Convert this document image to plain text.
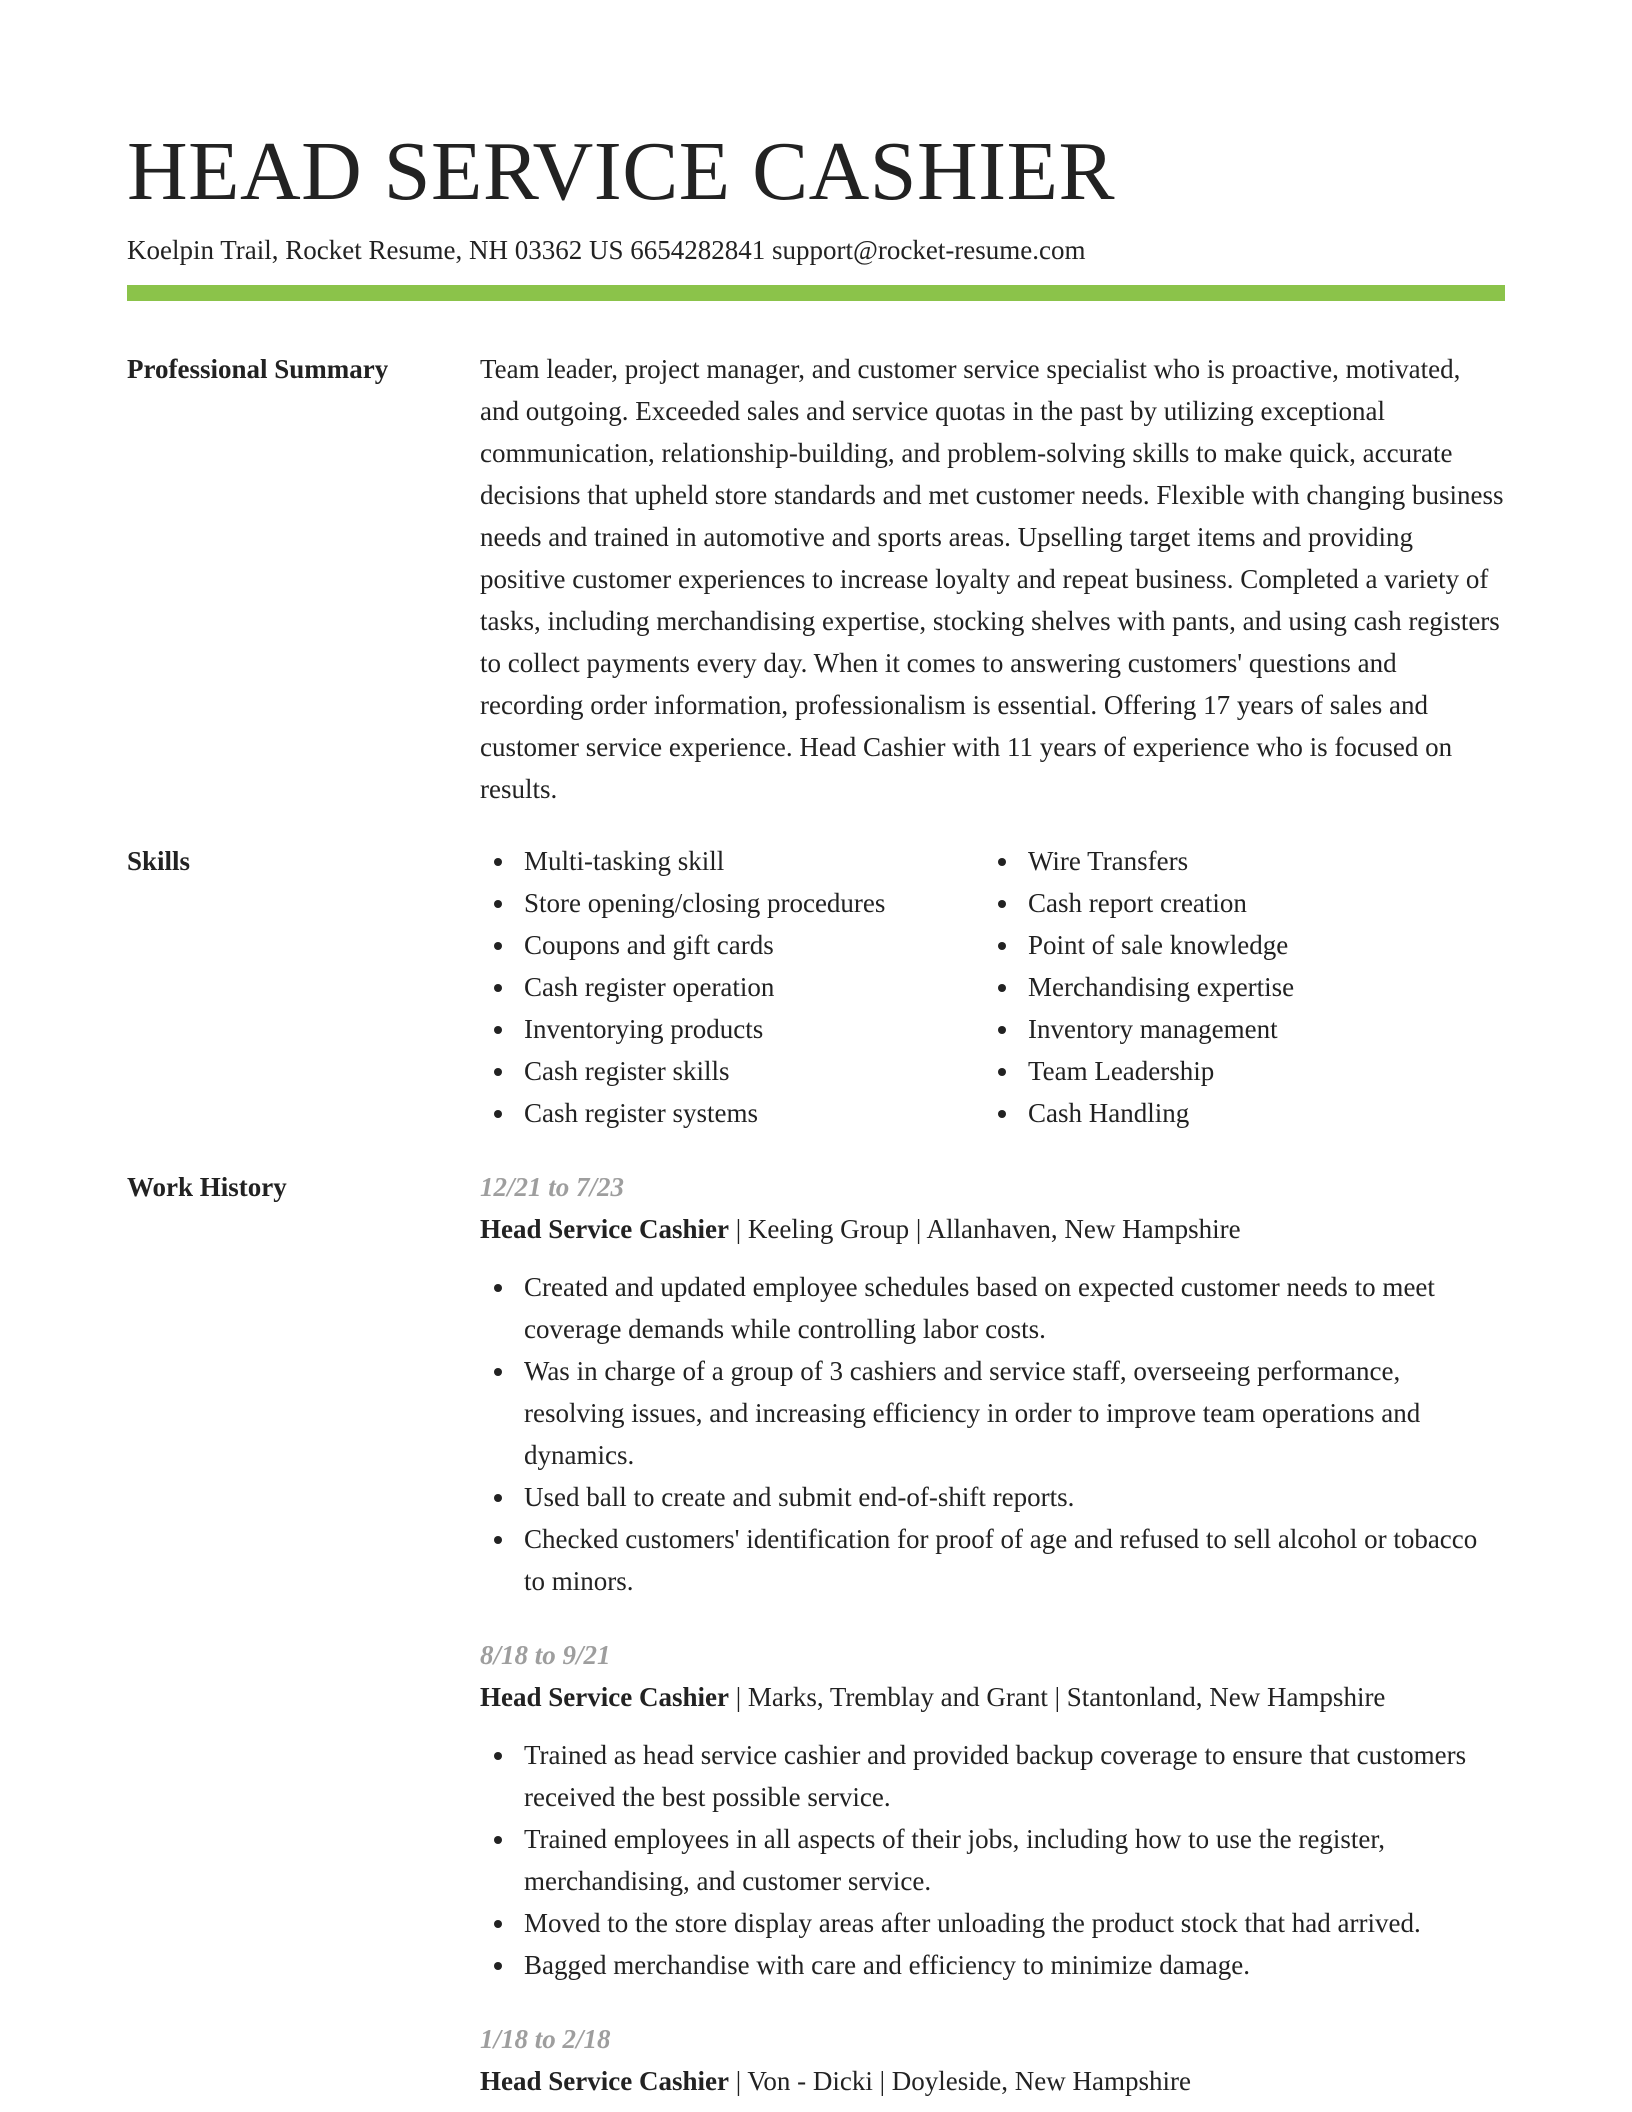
HEAD SERVICE CASHIER
Koelpin Trail, Rocket Resume, NH 03362 US 6654282841 support@rocket-resume.com
Professional Summary	Team leader, project manager, and customer service specialist who is proactive, motivated, and outgoing. Exceeded sales and service quotas in the past by utilizing exceptional communication, relationship-building, and problem-solving skills to make quick, accurate decisions that upheld store standards and met customer needs. Flexible with changing business needs and trained in automotive and sports areas. Upselling target items and providing positive customer experiences to increase loyalty and repeat business. Completed a variety of tasks, including merchandising expertise, stocking shelves with pants, and using cash registers to collect payments every day. When it comes to answering customers' questions and recording order information, professionalism is essential. Offering 17 years of sales and customer service experience. Head Cashier with 11 years of experience who is focused on results.

Skills	Multi-tasking skill
Store opening/closing procedures
Coupons and gift cards
Cash register operation
Inventorying products
Cash register skills
Cash register systems
Wire Transfers
Cash report creation
Point of sale knowledge
Merchandising expertise
Inventory management
Team Leadership
Cash Handling
Work History	12/21 to 7/23
Head Service Cashier | Keeling Group | Allanhaven, New Hampshire
Created and updated employee schedules based on expected customer needs to meet coverage demands while controlling labor costs.
Was in charge of a group of 3 cashiers and service staff, overseeing performance, resolving issues, and increasing efficiency in order to improve team operations and dynamics.
Used ball to create and submit end-of-shift reports.
Checked customers' identification for proof of age and refused to sell alcohol or tobacco to minors.
8/18 to 9/21
Head Service Cashier | Marks, Tremblay and Grant | Stantonland, New Hampshire
Trained as head service cashier and provided backup coverage to ensure that customers received the best possible service.
Trained employees in all aspects of their jobs, including how to use the register, merchandising, and customer service.
Moved to the store display areas after unloading the product stock that had arrived.
Bagged merchandise with care and efficiency to minimize damage.
1/18 to 2/18
Head Service Cashier | Von - Dicki | Doyleside, New Hampshire
